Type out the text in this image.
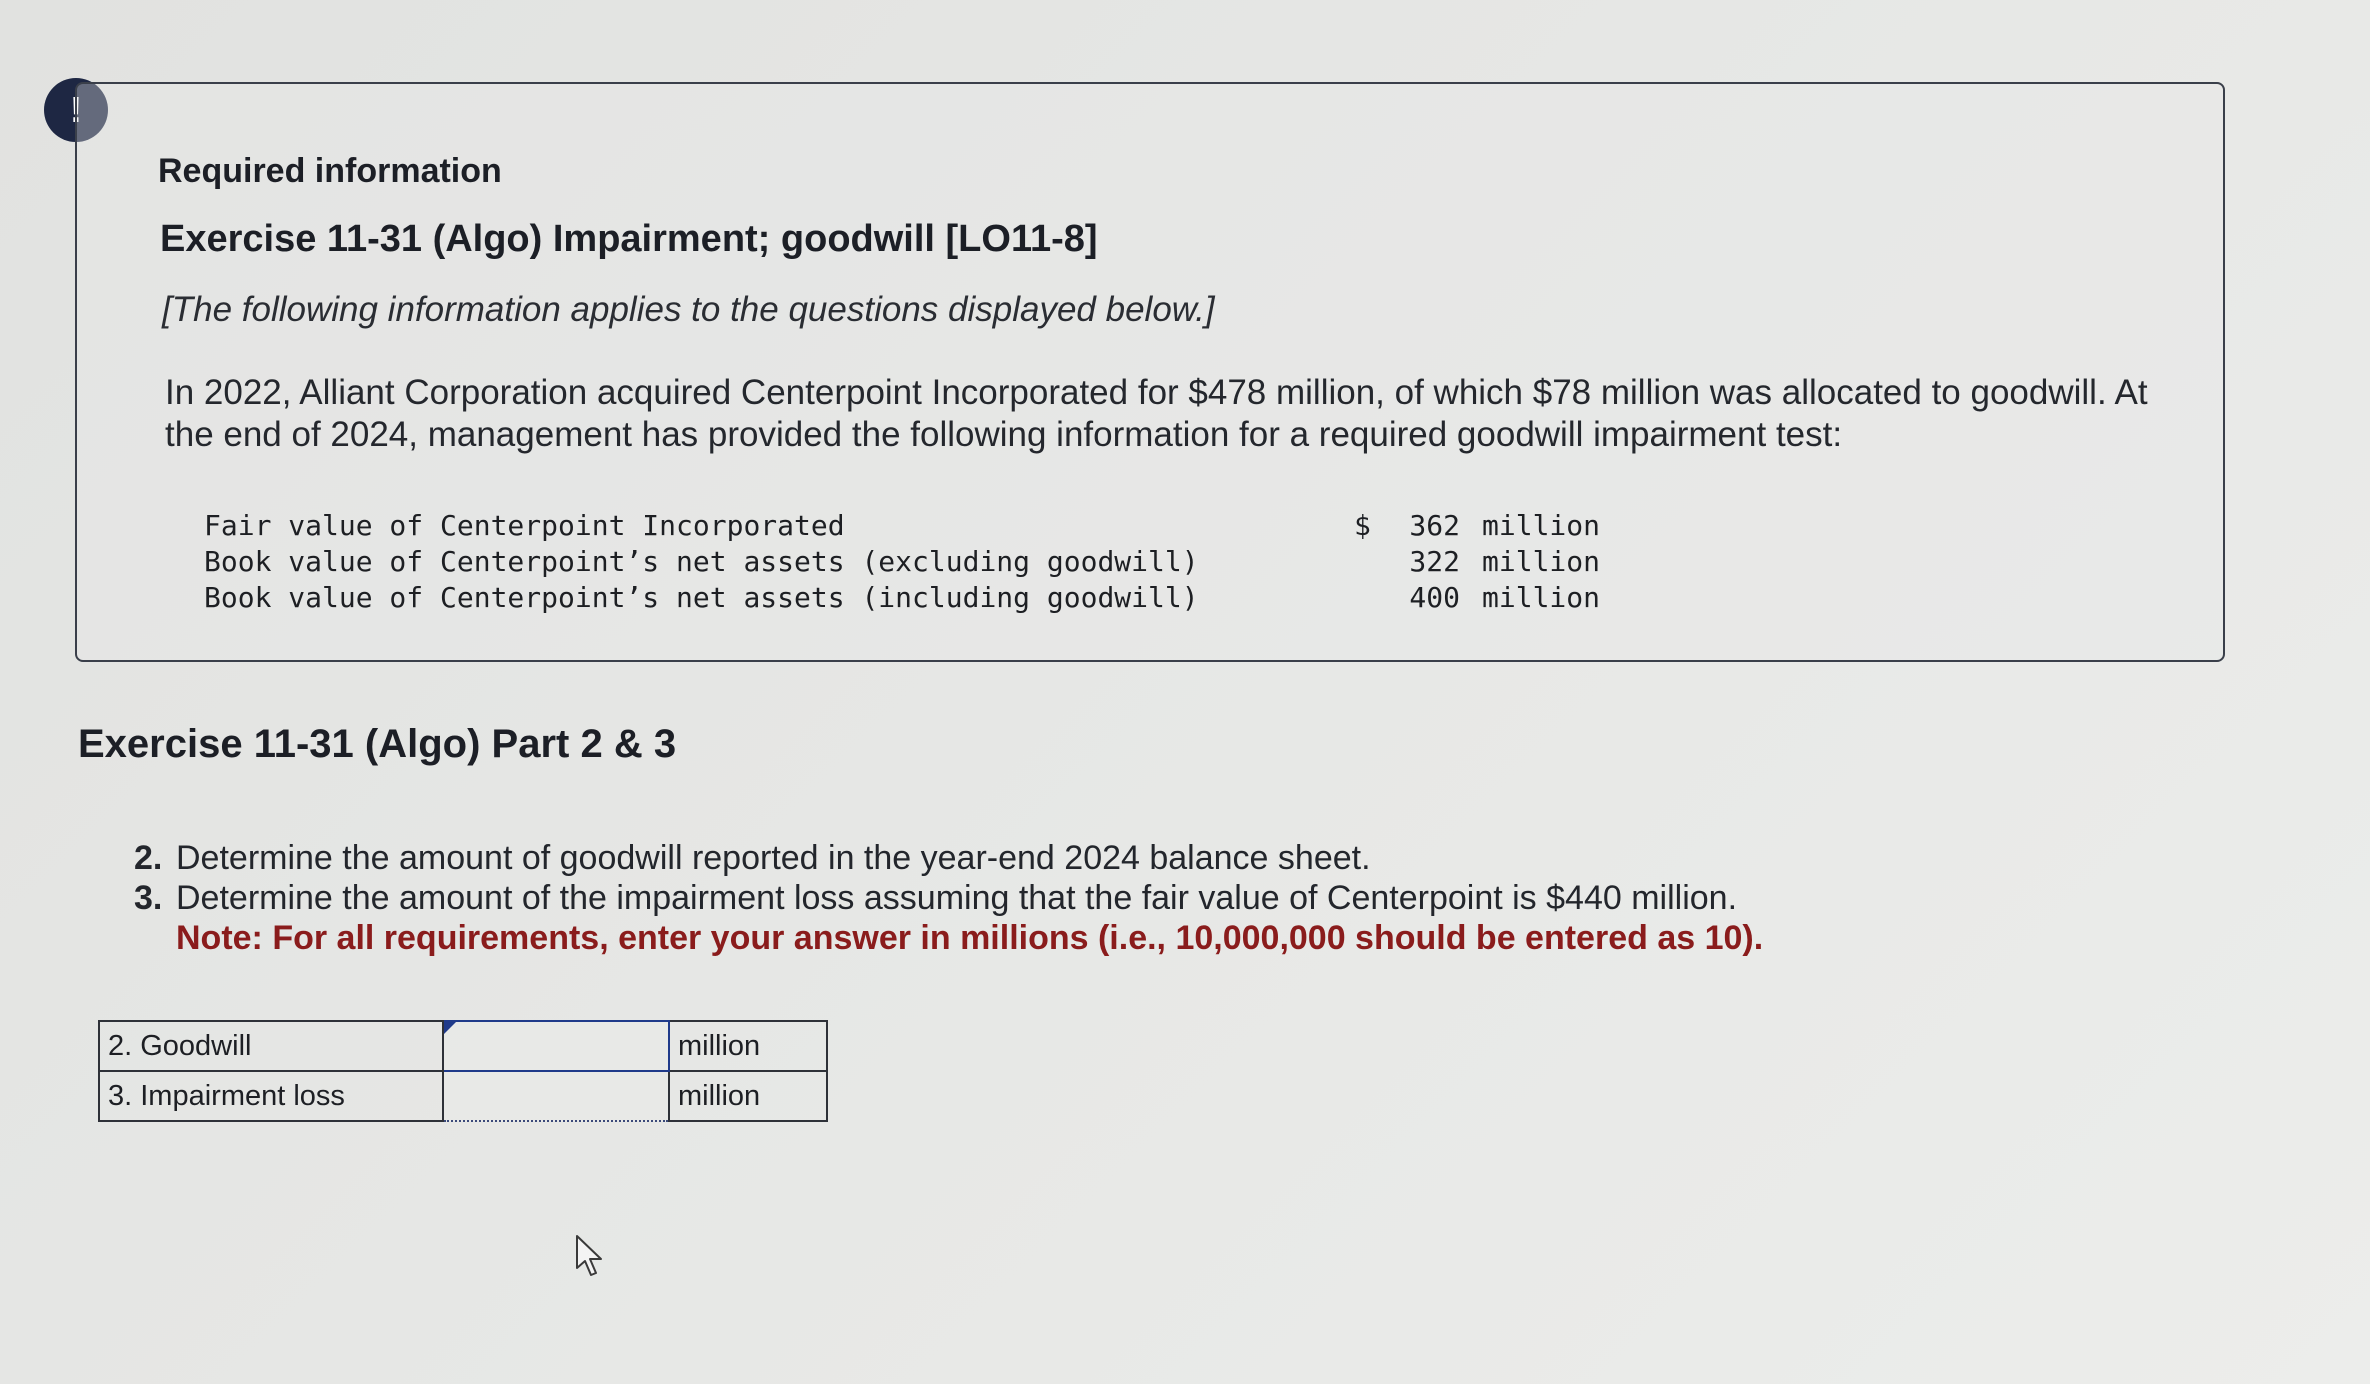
!
Required information
Exercise 11-31 (Algo) Impairment; goodwill [LO11-8]
[The following information applies to the questions displayed below.]
In 2022, Alliant Corporation acquired Centerpoint Incorporated for $478 million, of which $78 million was allocated to goodwill. At the end of 2024, management has provided the following information for a required goodwill impairment test:
Fair value of Centerpoint Incorporated	$	362 million
Book value of Centerpoint’s net assets (excluding goodwill)	322 million
Book value of Centerpoint’s net assets (including goodwill)	400 million
Exercise 11-31 (Algo) Part 2 & 3
2. Determine the amount of goodwill reported in the year-end 2024 balance sheet.
3. Determine the amount of the impairment loss assuming that the fair value of Centerpoint is $440 million.
Note: For all requirements, enter your answer in millions (i.e., 10,000,000 should be entered as 10).
2. Goodwill		million
3. Impairment loss		million
